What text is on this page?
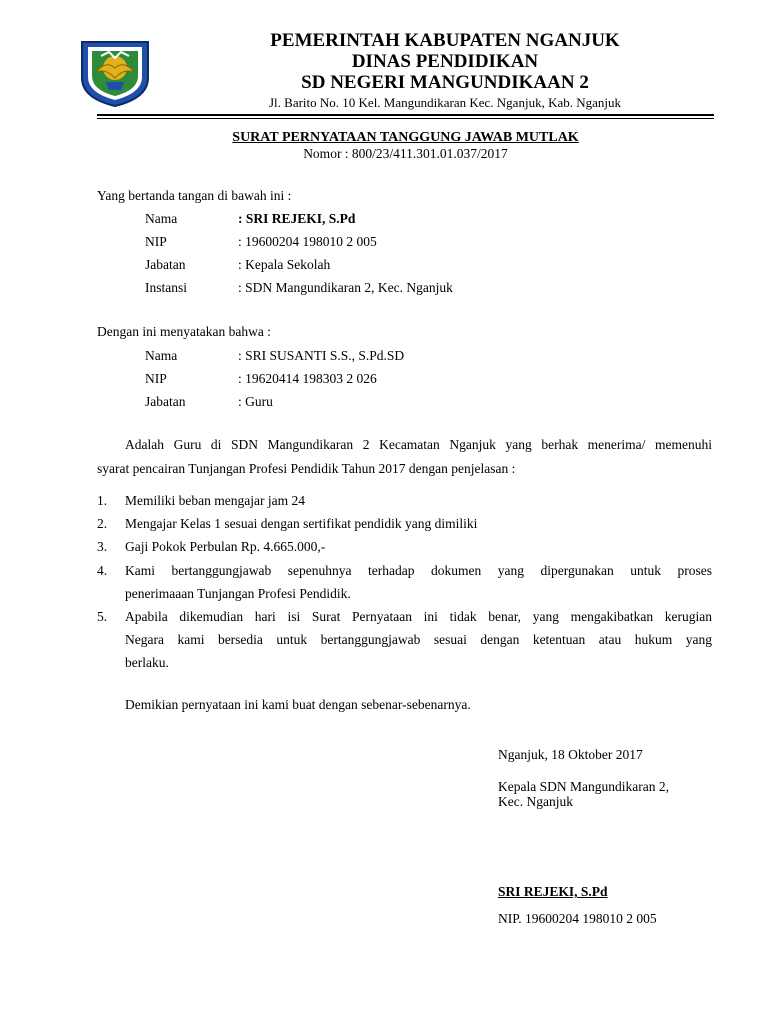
PEMERINTAH KABUPATEN NGANJUK
DINAS PENDIDIKAN
SD NEGERI MANGUNDIKAAN 2
Jl. Barito No. 10 Kel. Mangundikaran Kec. Nganjuk, Kab. Nganjuk
SURAT PERNYATAAN TANGGUNG JAWAB MUTLAK
Nomor : 800/23/411.301.01.037/2017
Yang bertanda tangan di bawah ini :
Nama	: SRI REJEKI, S.Pd
NIP	: 19600204 198010 2 005
Jabatan	: Kepala Sekolah
Instansi	: SDN Mangundikaran 2, Kec. Nganjuk
Dengan ini menyatakan bahwa :
Nama	: SRI SUSANTI S.S., S.Pd.SD
NIP	: 19620414 198303 2 026
Jabatan	: Guru
Adalah Guru di SDN Mangundikaran 2 Kecamatan Nganjuk yang berhak menerima/ memenuhi
syarat pencairan Tunjangan Profesi Pendidik Tahun 2017 dengan penjelasan :
1. Memiliki beban mengajar jam 24
2. Mengajar Kelas 1 sesuai dengan sertifikat pendidik yang dimiliki
3. Gaji Pokok Perbulan Rp. 4.665.000,-
4. Kami bertanggungjawab sepenuhnya terhadap dokumen yang dipergunakan untuk proses
penerimaaan Tunjangan Profesi Pendidik.
5. Apabila dikemudian hari isi Surat Pernyataan ini tidak benar, yang mengakibatkan kerugian
Negara kami bersedia untuk bertanggungjawab sesuai dengan ketentuan atau hukum yang
berlaku.
Demikian pernyataan ini kami buat dengan sebenar-sebenarnya.
Nganjuk, 18 Oktober 2017
Kepala SDN Mangundikaran 2,
Kec. Nganjuk
SRI REJEKI, S.Pd
NIP. 19600204 198010 2 005
